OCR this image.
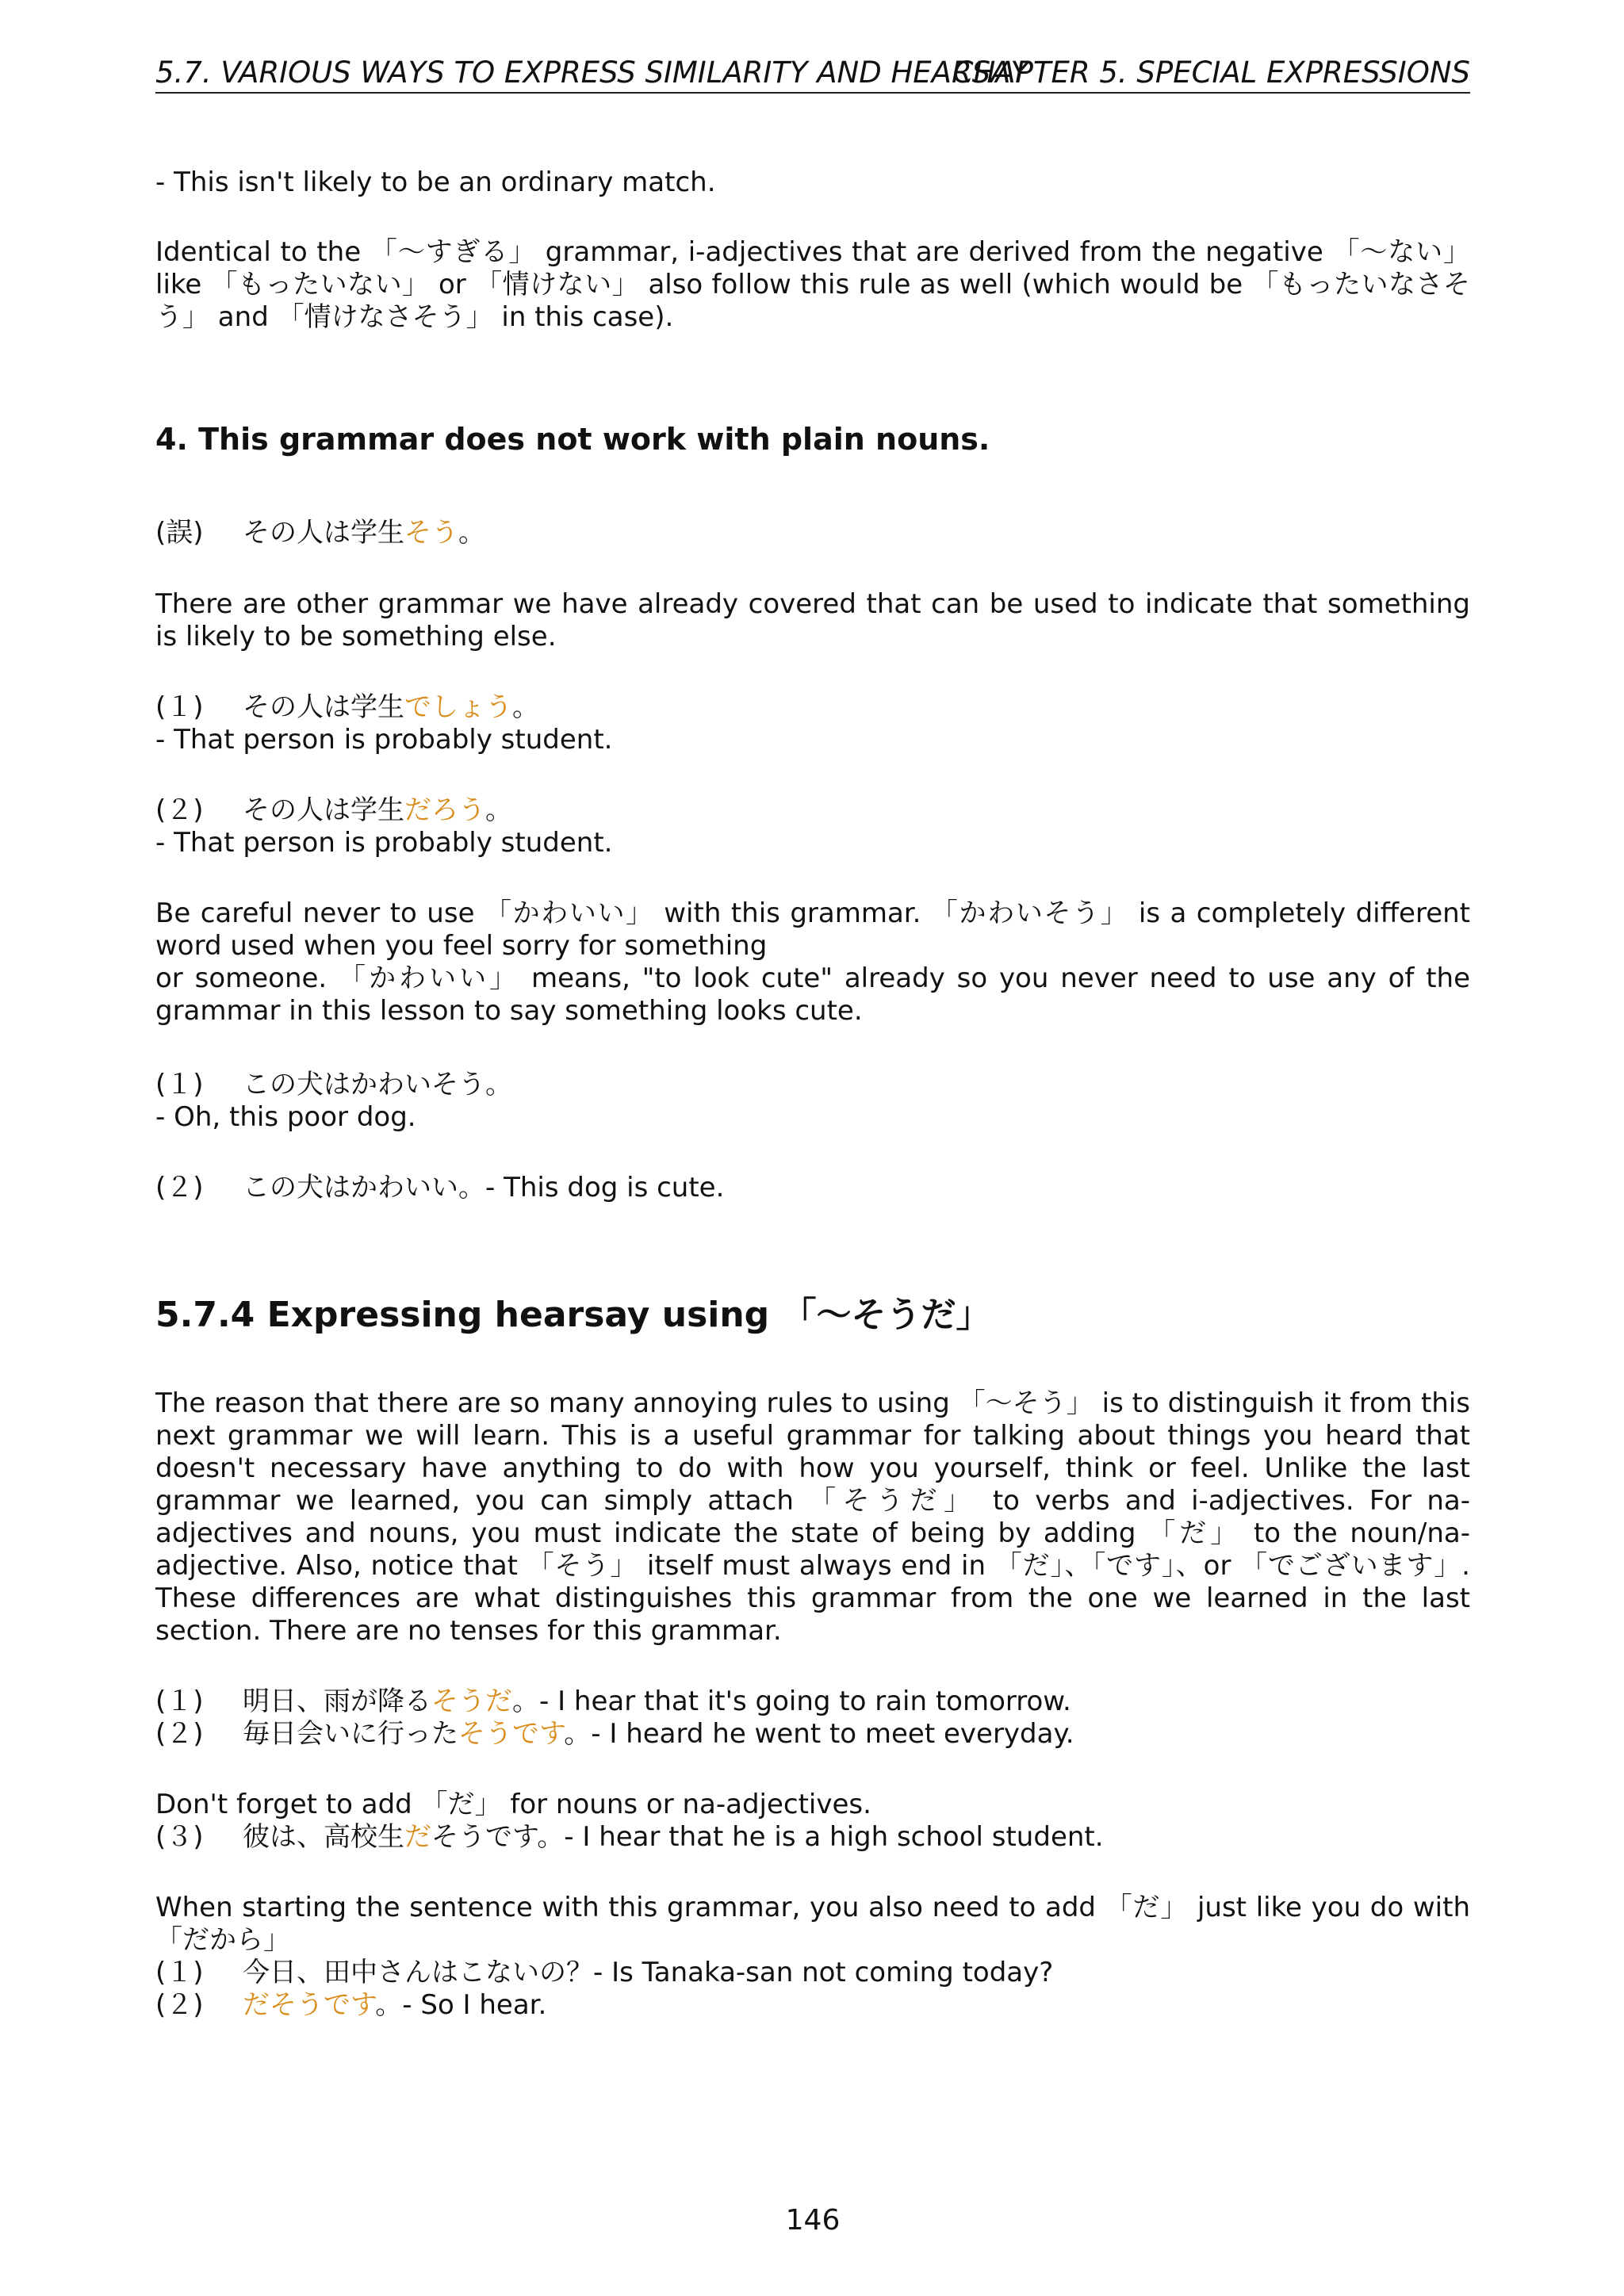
5.7. VARIOUS WAYS TO EXPRESS SIMILARITY AND HEARSAY
CHAPTER 5. SPECIAL EXPRESSIONS
- This isn't likely to be an ordinary match.
Identical to the 「〜すぎる」 grammar, i-adjectives that are derived from the negative 「〜ない」 like 「もったいない」 or 「情けない」 also follow this rule as well (which would be 「もったいなさそう」 and 「情けなさそう」 in this case).
4. This grammar does not work with plain nouns.
(誤) その人は学生そう。
There are other grammar we have already covered that can be used to indicate that something is likely to be something else.
(１) その人は学生でしょう。
- That person is probably student.
(２) その人は学生だろう。
- That person is probably student.
Be careful never to use 「かわいい」 with this grammar. 「かわいそう」 is a completely different
word used when you feel sorry for something
or someone. 「かわいい」 means, "to look cute" already so you never need to use any of the grammar in this lesson to say something looks cute.
(１) この犬はかわいそう。
- Oh, this poor dog.
(２) この犬はかわいい。- This dog is cute.
5.7.4 Expressing hearsay using 「〜そうだ」
The reason that there are so many annoying rules to using 「〜そう」 is to distinguish it from this next grammar we will learn. This is a useful grammar for talking about things you heard that doesn't necessary have anything to do with how you yourself, think or feel. Unlike the last grammar we learned, you can simply attach 「そうだ」 to verbs and i-adjectives. For na-adjectives and nouns, you must indicate the state of being by adding 「だ」 to the noun/na-adjective. Also, notice that 「そう」 itself must always end in 「だ」、「です」、or 「でございます」. These differences are what distinguishes this grammar from the one we learned in the last section. There are no tenses for this grammar.
(１) 明日、雨が降るそうだ。- I hear that it's going to rain tomorrow.
(２) 毎日会いに行ったそうです。- I heard he went to meet everyday.
Don't forget to add 「だ」 for nouns or na-adjectives.
(３) 彼は、高校生だそうです。- I hear that he is a high school student.
When starting the sentence with this grammar, you also need to add 「だ」 just like you do with
「だから」
(１) 今日、田中さんはこないの？- Is Tanaka-san not coming today?
(２) だそうです。- So I hear.
146
